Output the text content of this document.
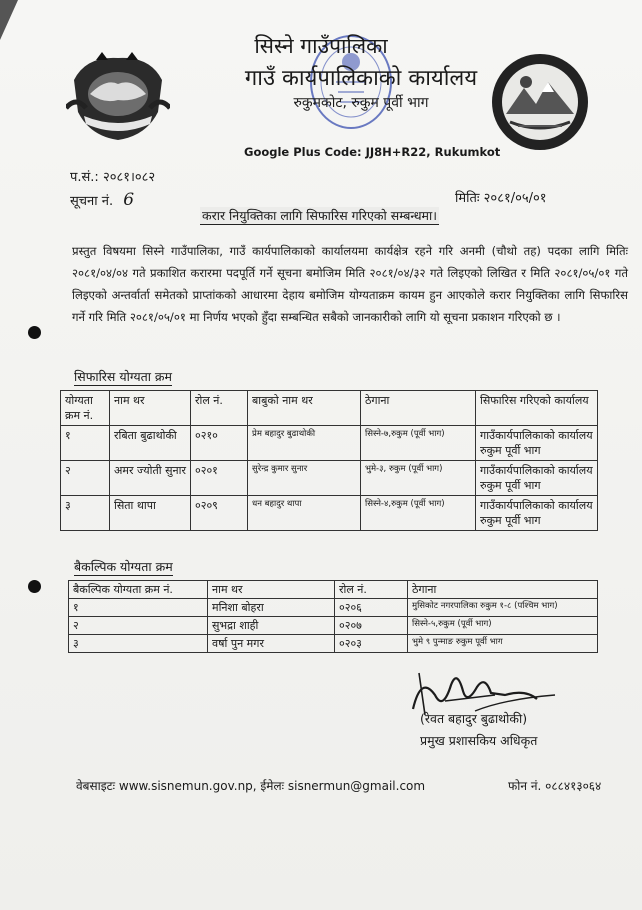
सिस्ने गाउँपालिका
गाउँ कार्यपालिकाको कार्यालय
रुकुमकोट, रुकुम पूर्वी भाग
Google Plus Code: JJ8H+R22, Rukumkot
प.सं.: २०८१।०८२
सूचना नं. 6	मितिः २०८१/०५/०१
करार नियुक्तिका लागि सिफारिस गरिएको सम्बन्धमा।
प्रस्तुत विषयमा सिस्ने गाउँपालिका, गाउँ कार्यपालिकाको कार्यालयमा कार्यक्षेत्र रहने गरि अनमी (चौथो तह) पदका लागि मितिः २०८१/०४/०४ गते प्रकाशित करारमा पदपूर्ति गर्ने सूचना बमोजिम मिति २०८१/०४/३२ गते लिइएको लिखित र मिति २०८१/०५/०१ गते लिइएको अन्तर्वार्ता समेतको प्राप्तांकको आधारमा देहाय बमोजिम योग्यताक्रम कायम हुन आएकोले करार नियुक्तिका लागि सिफारिस गर्ने गरि मिति २०८१/०५/०१ मा निर्णय भएको हुँदा सम्बन्धित सबैको जानकारीको लागि यो सूचना प्रकाशन गरिएको छ ।
सिफारिस योग्यता क्रम
योग्यता क्रम नं.	नाम थर	रोल नं.	बाबुको नाम थर	ठेगाना	सिफारिस गरिएको कार्यालय
१	रबिता बुढाथोकी	०२१०	प्रेम बहादुर बुढाथोकी	सिस्ने-७,रुकुम (पूर्वी भाग)	गाउँकार्यपालिकाको कार्यालय रुकुम पूर्वी भाग
२	अमर ज्योती सुनार	०२०१	सुरेन्द्र कुमार सुनार	भुमे-३, रुकुम (पूर्वी भाग)	गाउँकार्यपालिकाको कार्यालय रुकुम पूर्वी भाग
३	सिता थापा	०२०९	धन बहादुर थापा	सिस्ने-४,रुकुम (पूर्वी भाग)	गाउँकार्यपालिकाको कार्यालय रुकुम पूर्वी भाग
बैकल्पिक योग्यता क्रम
बैकल्पिक योग्यता क्रम नं.	नाम थर	रोल नं.	ठेगाना
१	मनिशा बोहरा	०२०६	मुसिकोट नगरपालिका रुकुम १-८ (पश्चिम भाग)
२	सुभद्रा शाही	०२०७	सिस्ने-५,रुकुम (पूर्वी भाग)
३	वर्षा पुन मगर	०२०३	भुमे ९ पुन्माङ रुकुम पूर्वी भाग
(रेवत बहादुर बुढाथोकी)
प्रमुख प्रशासकिय अधिकृत
वेबसाइटः www.sisnemun.gov.np, ईमेलः sisnermun@gmail.com	फोन नं. ०८८४१३०६४
